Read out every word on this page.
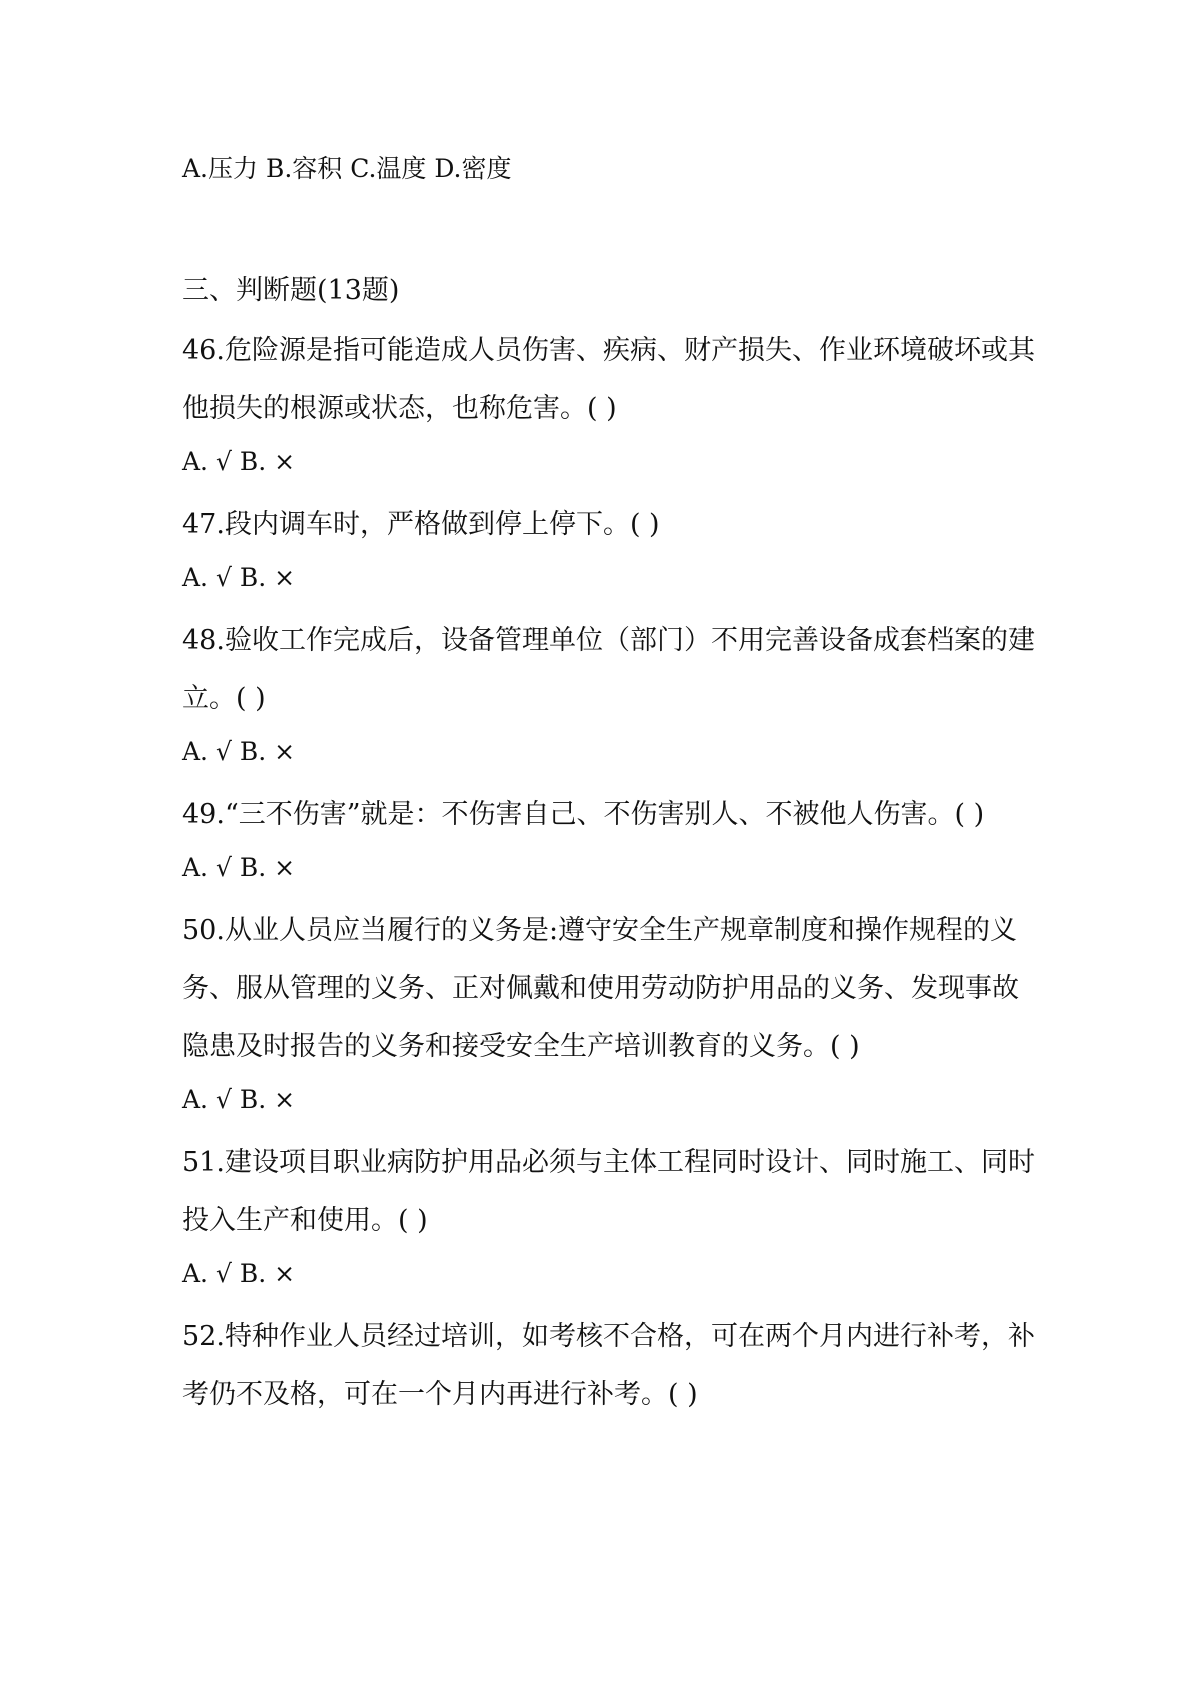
A.压力 B.容积 C.温度 D.密度

三、判断题(13题)

46.危险源是指可能造成人员伤害、疾病、财产损失、作业环境破坏或其

他损失的根源或状态，也称危害。( )

A. √ B. ×

47.段内调车时，严格做到停上停下。( )

A. √ B. ×

48.验收工作完成后，设备管理单位（部门）不用完善设备成套档案的建

立。( )

A. √ B. ×

49.“三不伤害”就是：不伤害自己、不伤害别人、不被他人伤害。( )

A. √ B. ×

50.从业人员应当履行的义务是:遵守安全生产规章制度和操作规程的义

务、服从管理的义务、正对佩戴和使用劳动防护用品的义务、发现事故

隐患及时报告的义务和接受安全生产培训教育的义务。( )

A. √ B. ×

51.建设项目职业病防护用品必须与主体工程同时设计、同时施工、同时

投入生产和使用。( )

A. √ B. ×

52.特种作业人员经过培训，如考核不合格，可在两个月内进行补考，补

考仍不及格，可在一个月内再进行补考。( )
